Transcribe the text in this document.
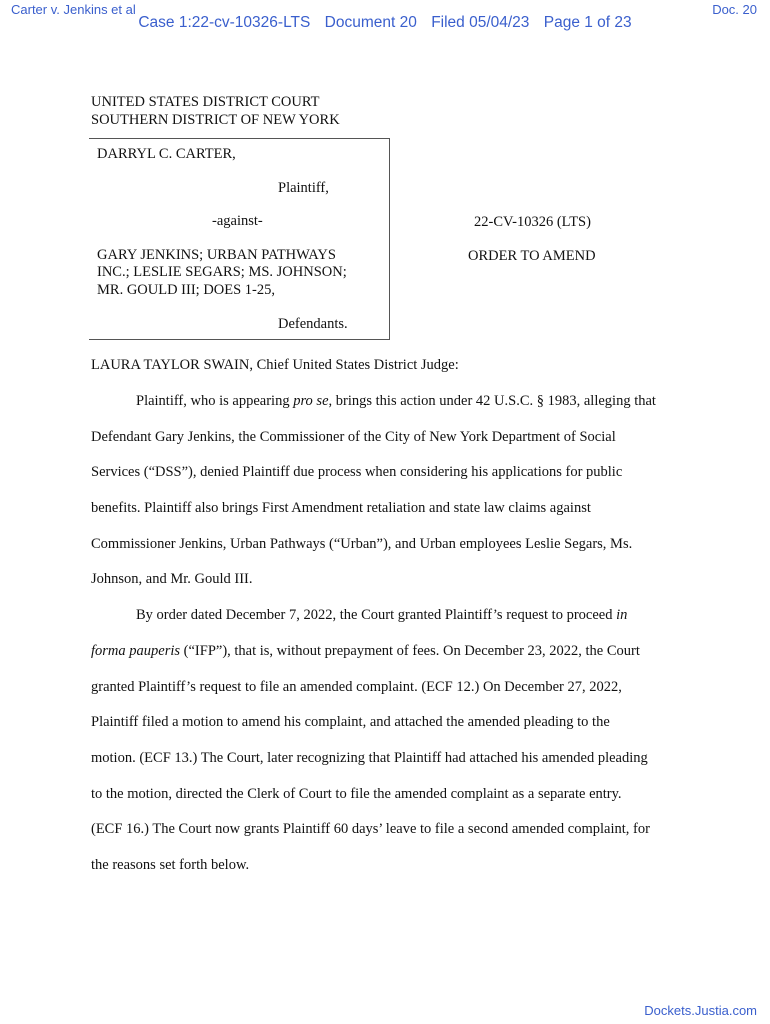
Carter v. Jenkins et al	Doc. 20
Case 1:22-cv-10326-LTS Document 20 Filed 05/04/23 Page 1 of 23
UNITED STATES DISTRICT COURT
SOUTHERN DISTRICT OF NEW YORK
DARRYL C. CARTER,
Plaintiff,
-against-
GARY JENKINS; URBAN PATHWAYS
INC.; LESLIE SEGARS; MS. JOHNSON;
MR. GOULD III; DOES 1-25,
Defendants.
22-CV-10326 (LTS)
ORDER TO AMEND
LAURA TAYLOR SWAIN, Chief United States District Judge:
Plaintiff, who is appearing pro se, brings this action under 42 U.S.C. § 1983, alleging that
Defendant Gary Jenkins, the Commissioner of the City of New York Department of Social
Services (“DSS”), denied Plaintiff due process when considering his applications for public
benefits. Plaintiff also brings First Amendment retaliation and state law claims against
Commissioner Jenkins, Urban Pathways (“Urban”), and Urban employees Leslie Segars, Ms.
Johnson, and Mr. Gould III.
By order dated December 7, 2022, the Court granted Plaintiff’s request to proceed in
forma pauperis (“IFP”), that is, without prepayment of fees. On December 23, 2022, the Court
granted Plaintiff’s request to file an amended complaint. (ECF 12.) On December 27, 2022,
Plaintiff filed a motion to amend his complaint, and attached the amended pleading to the
motion. (ECF 13.) The Court, later recognizing that Plaintiff had attached his amended pleading
to the motion, directed the Clerk of Court to file the amended complaint as a separate entry.
(ECF 16.) The Court now grants Plaintiff 60 days’ leave to file a second amended complaint, for
the reasons set forth below.
Dockets.Justia.com
